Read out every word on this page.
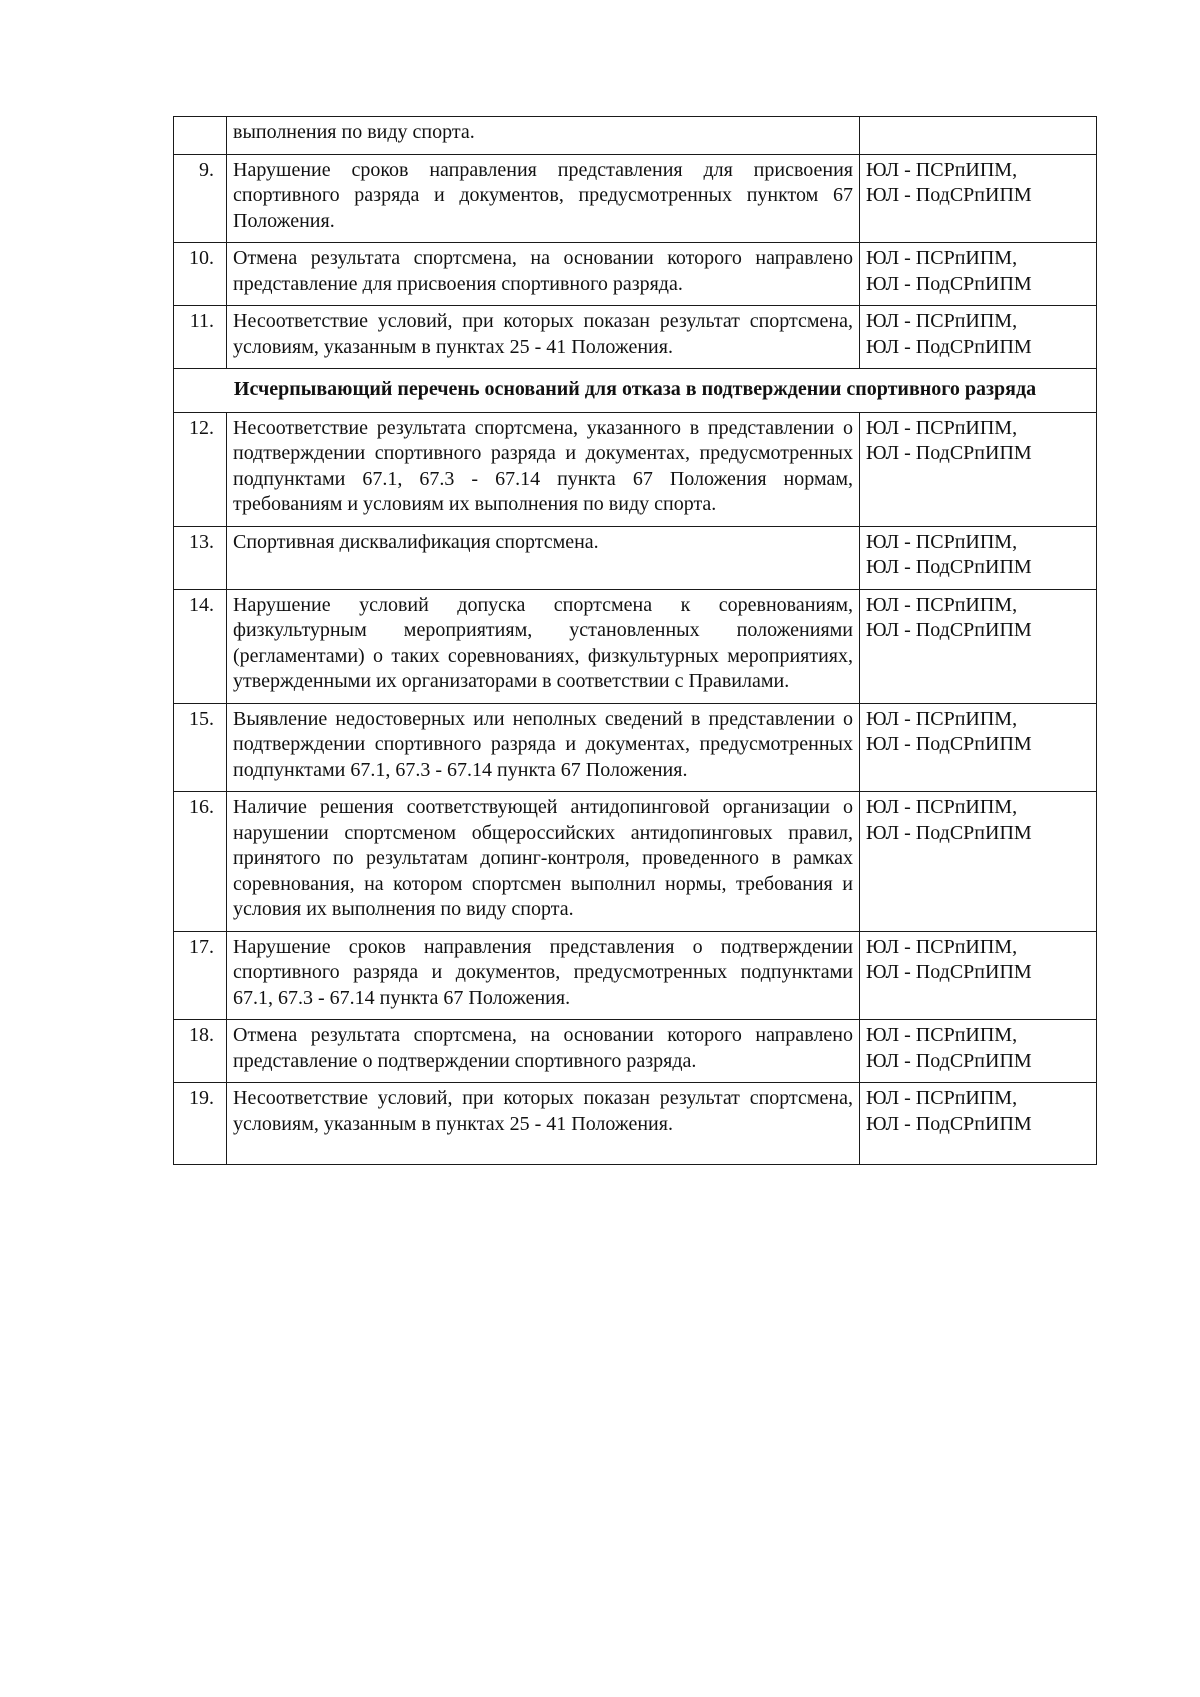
	выполнения по виду спорта.	

9.	Нарушение сроков направления представления для присвоения спортивного разряда и документов, предусмотренных пунктом 67 Положения.	ЮЛ - ПСРпИПМ,
ЮЛ - ПодСРпИПМ

10.	Отмена результата спортсмена, на основании которого направлено представление для присвоения спортивного разряда.	ЮЛ - ПСРпИПМ,
ЮЛ - ПодСРпИПМ

11.	Несоответствие условий, при которых показан результат спортсмена, условиям, указанным в пунктах 25 - 41 Положения.	ЮЛ - ПСРпИПМ,
ЮЛ - ПодСРпИПМ

Исчерпывающий перечень оснований для отказа в подтверждении спортивного разряда		
12.	Несоответствие результата спортсмена, указанного в представлении о подтверждении спортивного разряда и документах, предусмотренных подпунктами 67.1, 67.3 - 67.14 пункта 67 Положения нормам, требованиям и условиям их выполнения по виду спорта.	ЮЛ - ПСРпИПМ,
ЮЛ - ПодСРпИПМ

13.	Спортивная дисквалификация спортсмена.	ЮЛ - ПСРпИПМ,
ЮЛ - ПодСРпИПМ

14.	Нарушение условий допуска спортсмена к соревнованиям, физкультурным мероприятиям, установленных положениями (регламентами) о таких соревнованиях, физкультурных мероприятиях, утвержденными их организаторами в соответствии с Правилами.	ЮЛ - ПСРпИПМ,
ЮЛ - ПодСРпИПМ

15.	Выявление недостоверных или неполных сведений в представлении о подтверждении спортивного разряда и документах, предусмотренных подпунктами 67.1, 67.3 - 67.14 пункта 67 Положения.	ЮЛ - ПСРпИПМ,
ЮЛ - ПодСРпИПМ

16.	Наличие решения соответствующей антидопинговой организации о нарушении спортсменом общероссийских антидопинговых правил, принятого по результатам допинг-контроля, проведенного в рамках соревнования, на котором спортсмен выполнил нормы, требования и условия их выполнения по виду спорта.	ЮЛ - ПСРпИПМ,
ЮЛ - ПодСРпИПМ

17.	Нарушение сроков направления представления о подтверждении спортивного разряда и документов, предусмотренных подпунктами 67.1, 67.3 - 67.14 пункта 67 Положения.	ЮЛ - ПСРпИПМ,
ЮЛ - ПодСРпИПМ

18.	Отмена результата спортсмена, на основании которого направлено представление о подтверждении спортивного разряда.	ЮЛ - ПСРпИПМ,
ЮЛ - ПодСРпИПМ

19.	Несоответствие условий, при которых показан результат спортсмена, условиям, указанным в пунктах 25 - 41 Положения.	ЮЛ - ПСРпИПМ,
ЮЛ - ПодСРпИПМ
